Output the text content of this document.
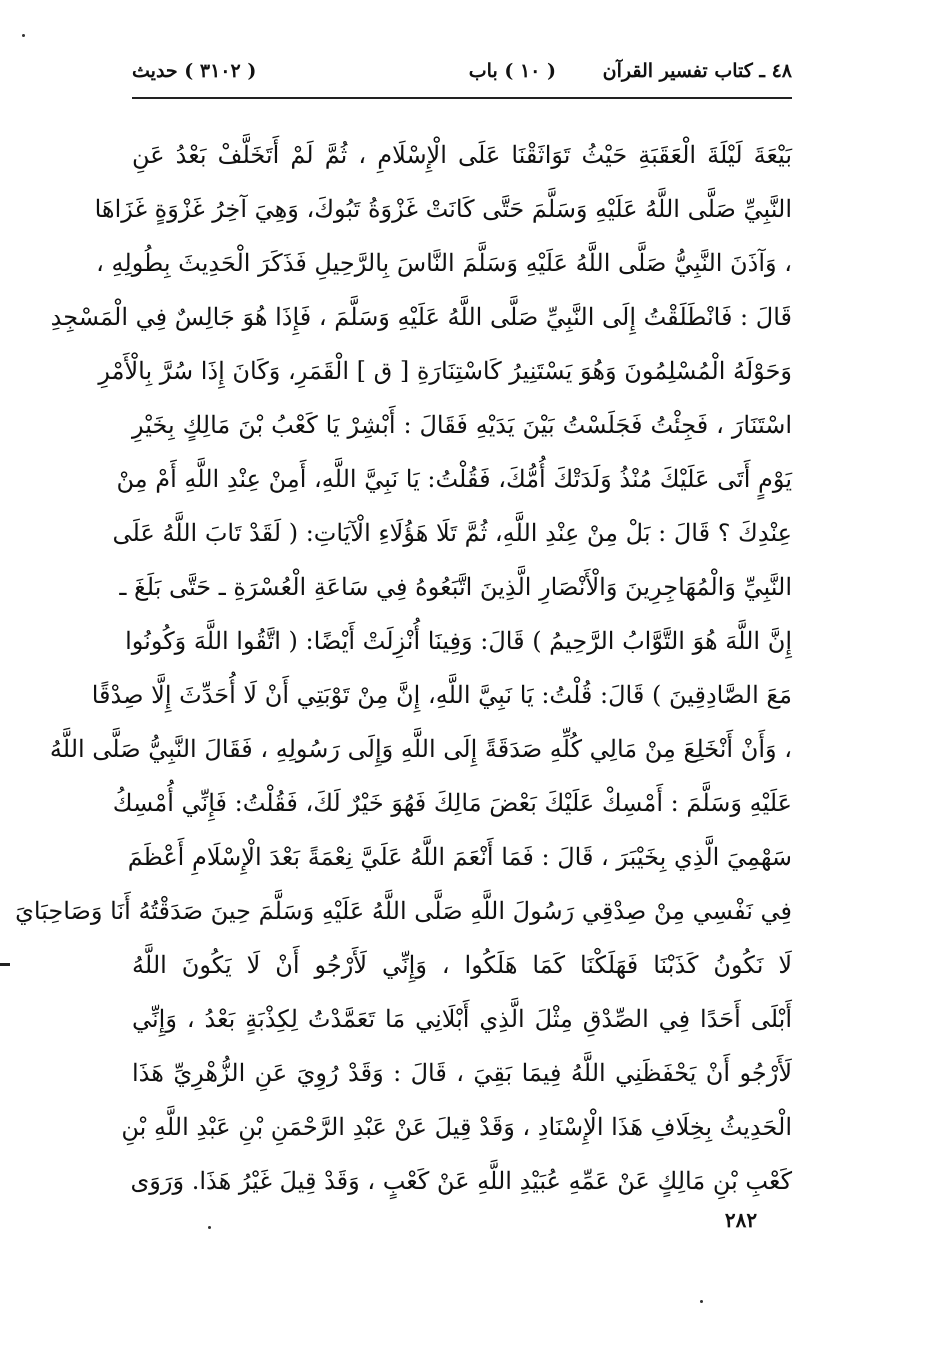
٤٨ ـ كتاب تفسير القرآن
( ١٠ ) باب
( ٣١٠٢ ) حديث
بَيْعَةَ لَيْلَةَ الْعَقَبَةِ حَيْثُ تَوَاثَقْنَا عَلَى الْإِسْلَامِ ، ثُمَّ لَمْ أَتَخَلَّفْ بَعْدُ عَنِ
النَّبِيِّ صَلَّى اللَّهُ عَلَيْهِ وَسَلَّمَ حَتَّى كَانَتْ غَزْوَةُ تَبُوكَ، وَهِيَ آخِرُ غَزْوَةٍ غَزَاهَا
، وَآذَنَ النَّبِيُّ صَلَّى اللَّهُ عَلَيْهِ وَسَلَّمَ النَّاسَ بِالرَّحِيلِ فَذَكَرَ الْحَدِيثَ بِطُولِهِ ،
قَالَ : فَانْطَلَقْتُ إِلَى النَّبِيِّ صَلَّى اللَّهُ عَلَيْهِ وَسَلَّمَ ، فَإِذَا هُوَ جَالِسٌ فِي الْمَسْجِدِ
وَحَوْلَهُ الْمُسْلِمُونَ وَهُوَ يَسْتَنِيرُ كَاسْتِنَارَةِ [ ق ] الْقَمَرِ، وَكَانَ إِذَا سُرَّ بِالْأَمْرِ
اسْتَنَارَ ، فَجِئْتُ فَجَلَسْتُ بَيْنَ يَدَيْهِ فَقَالَ : أَبْشِرْ يَا كَعْبُ بْنَ مَالِكٍ بِخَيْرِ
يَوْمٍ أَتَى عَلَيْكَ مُنْذُ وَلَدَتْكَ أُمُّكَ، فَقُلْتُ: يَا نَبِيَّ اللَّهِ، أَمِنْ عِنْدِ اللَّهِ أَمْ مِنْ
عِنْدِكَ ؟ قَالَ : بَلْ مِنْ عِنْدِ اللَّهِ، ثُمَّ تَلَا هَؤُلَاءِ الْآيَاتِ: ( لَقَدْ تَابَ اللَّهُ عَلَى
النَّبِيِّ وَالْمُهَاجِرِينَ وَالْأَنْصَارِ الَّذِينَ اتَّبَعُوهُ فِي سَاعَةِ الْعُسْرَةِ ـ حَتَّى بَلَغَ ـ
إِنَّ اللَّهَ هُوَ التَّوَّابُ الرَّحِيمُ ) قَالَ: وَفِينَا أُنْزِلَتْ أَيْضًا: ( اتَّقُوا اللَّهَ وَكُونُوا
مَعَ الصَّادِقِينَ ) قَالَ: قُلْتُ: يَا نَبِيَّ اللَّهِ، إِنَّ مِنْ تَوْبَتِي أَنْ لَا أُحَدِّثَ إِلَّا صِدْقًا
، وَأَنْ أَنْخَلِعَ مِنْ مَالِي كُلِّهِ صَدَقَةً إِلَى اللَّهِ وَإِلَى رَسُولِهِ ، فَقَالَ النَّبِيُّ صَلَّى اللَّهُ
عَلَيْهِ وَسَلَّمَ : أَمْسِكْ عَلَيْكَ بَعْضَ مَالِكَ فَهُوَ خَيْرٌ لَكَ، فَقُلْتُ: فَإِنِّي أُمْسِكُ
سَهْمِيَ الَّذِي بِخَيْبَرَ ، قَالَ : فَمَا أَنْعَمَ اللَّهُ عَلَيَّ نِعْمَةً بَعْدَ الْإِسْلَامِ أَعْظَمَ
فِي نَفْسِي مِنْ صِدْقِي رَسُولَ اللَّهِ صَلَّى اللَّهُ عَلَيْهِ وَسَلَّمَ حِينَ صَدَقْتُهُ أَنَا وَصَاحِبَايَ
لَا نَكُونُ كَذَبْنَا فَهَلَكْنَا كَمَا هَلَكُوا ، وَإِنِّي لَأَرْجُو أَنْ لَا يَكُونَ اللَّهُ
أَبْلَى أَحَدًا فِي الصِّدْقِ مِثْلَ الَّذِي أَبْلَانِي مَا تَعَمَّدْتُ لِكِذْبَةٍ بَعْدُ ، وَإِنِّي
لَأَرْجُو أَنْ يَحْفَظَنِي اللَّهُ فِيمَا بَقِيَ ، قَالَ : وَقَدْ رُوِيَ عَنِ الزُّهْرِيِّ هَذَا
الْحَدِيثُ بِخِلَافِ هَذَا الْإِسْنَادِ ، وَقَدْ قِيلَ عَنْ عَبْدِ الرَّحْمَنِ بْنِ عَبْدِ اللَّهِ بْنِ
كَعْبِ بْنِ مَالِكٍ عَنْ عَمِّهِ عُبَيْدِ اللَّهِ عَنْ كَعْبٍ ، وَقَدْ قِيلَ غَيْرُ هَذَا. وَرَوَى
٢٨٢
